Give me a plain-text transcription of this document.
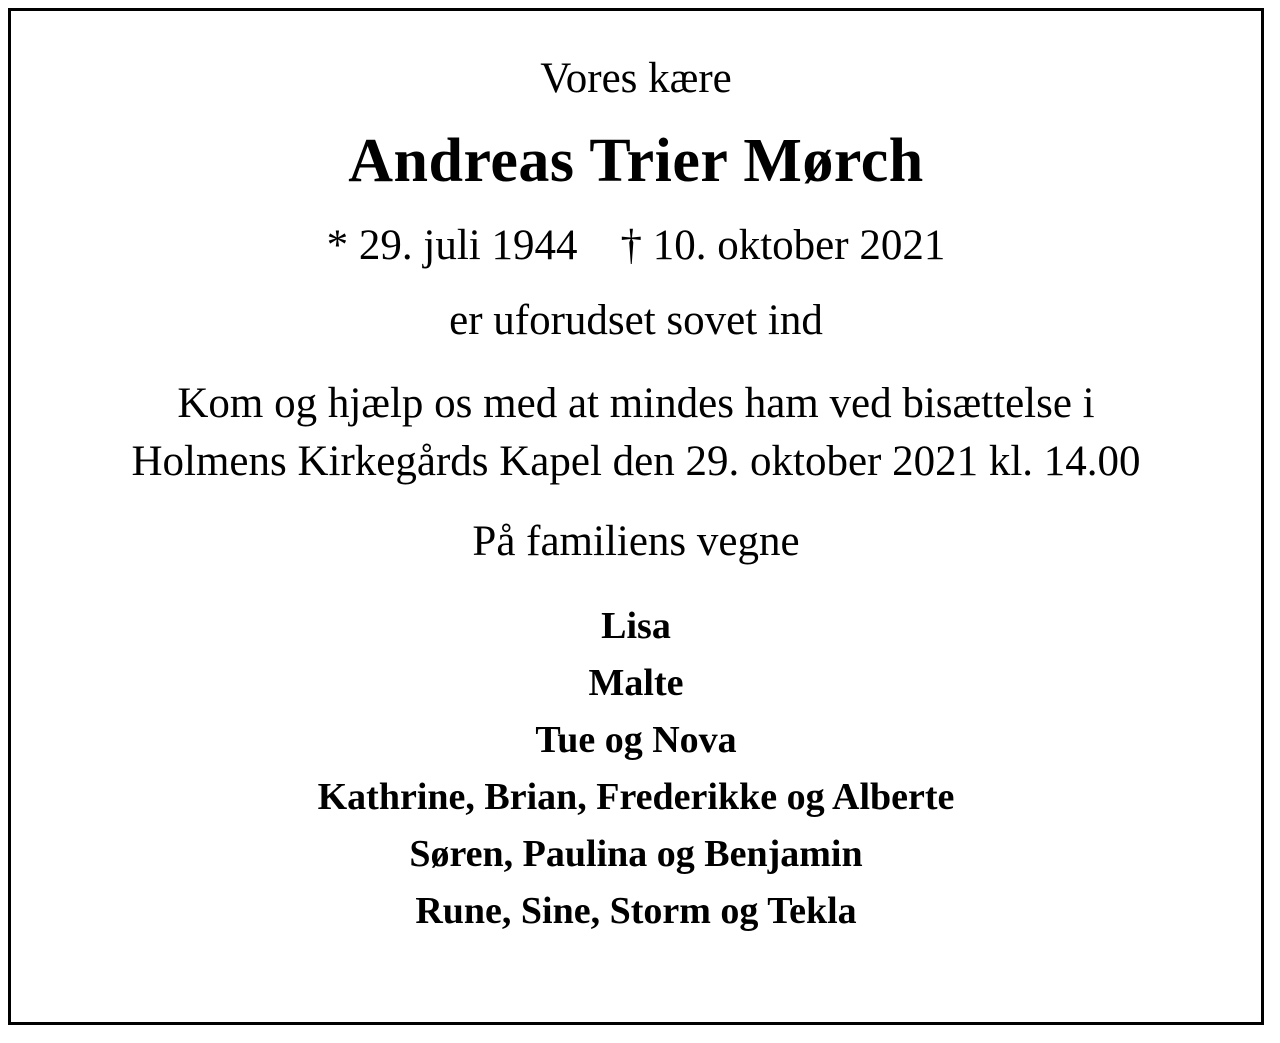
Vores kære
Andreas Trier Mørch
* 29. juli 1944    † 10. oktober 2021
er uforudset sovet ind
Kom og hjælp os med at mindes ham ved bisættelse i
Holmens Kirkegårds Kapel den 29. oktober 2021 kl. 14.00
På familiens vegne
Lisa
Malte
Tue og Nova
Kathrine, Brian, Frederikke og Alberte
Søren, Paulina og Benjamin
Rune, Sine, Storm og Tekla
